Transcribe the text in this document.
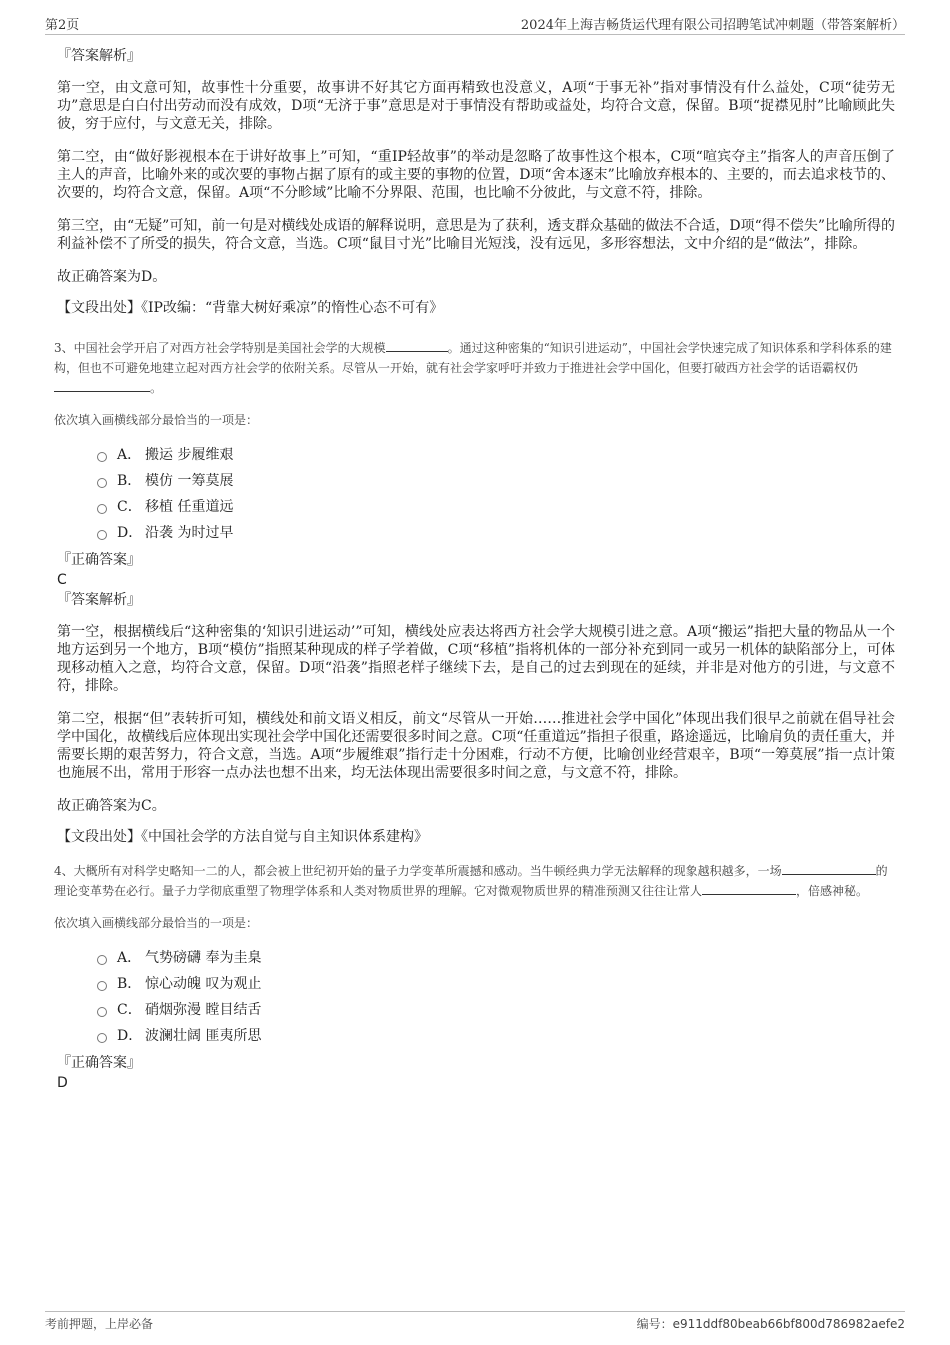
第2页	2024年上海吉畅货运代理有限公司招聘笔试冲刺题（带答案解析）
『答案解析』

第一空，由文意可知，故事性十分重要，故事讲不好其它方面再精致也没意义，A项“于事无补”指对事情没有什么益处，C项“徒劳无功”意思是白白付出劳动而没有成效，D项“无济于事”意思是对于事情没有帮助或益处，均符合文意，保留。B项“捉襟见肘”比喻顾此失彼，穷于应付，与文意无关，排除。

第二空，由“做好影视根本在于讲好故事上”可知，“重IP轻故事”的举动是忽略了故事性这个根本，C项“喧宾夺主”指客人的声音压倒了主人的声音，比喻外来的或次要的事物占据了原有的或主要的事物的位置，D项“舍本逐末”比喻放弃根本的、主要的，而去追求枝节的、次要的，均符合文意，保留。A项“不分畛域”比喻不分界限、范围，也比喻不分彼此，与文意不符，排除。

第三空，由“无疑”可知，前一句是对横线处成语的解释说明，意思是为了获利，透支群众基础的做法不合适，D项“得不偿失”比喻所得的利益补偿不了所受的损失，符合文意，当选。C项“鼠目寸光”比喻目光短浅，没有远见，多形容想法，文中介绍的是“做法”，排除。

故正确答案为D。

【文段出处】《IP改编：“背靠大树好乘凉”的惰性心态不可有》
3、中国社会学开启了对西方社会学特别是美国社会学的大规模	。通过这种密集的“知识引进运动”，中国社会学快速完成了知识体系和学科体系的建构，但也不可避免地建立起对西方社会学的依附关系。尽管从一开始，就有社会学家呼吁并致力于推进社会学中国化，但要打破西方社会学的话语霸权仍。
依次填入画横线部分最恰当的一项是：
A． 搬运 步履维艰
B． 模仿 一筹莫展
C． 移植 任重道远
D． 沿袭 为时过早
『正确答案』
C
『答案解析』

第一空，根据横线后“这种密集的‘知识引进运动’”可知，横线处应表达将西方社会学大规模引进之意。A项“搬运”指把大量的物品从一个地方运到另一个地方，B项“模仿”指照某种现成的样子学着做，C项“移植”指将机体的一部分补充到同一或另一机体的缺陷部分上，可体现移动植入之意，均符合文意，保留。D项“沿袭”指照老样子继续下去，是自己的过去到现在的延续，并非是对他方的引进，与文意不符，排除。

第二空，根据“但”表转折可知，横线处和前文语义相反，前文“尽管从一开始……推进社会学中国化”体现出我们很早之前就在倡导社会学中国化，故横线后应体现出实现社会学中国化还需要很多时间之意。C项“任重道远”指担子很重，路途遥远，比喻肩负的责任重大，并需要长期的艰苦努力，符合文意，当选。A项“步履维艰”指行走十分困难，行动不方便，比喻创业经营艰辛，B项“一筹莫展”指一点计策也施展不出，常用于形容一点办法也想不出来，均无法体现出需要很多时间之意，与文意不符，排除。

故正确答案为C。

【文段出处】《中国社会学的方法自觉与自主知识体系建构》
4、大概所有对科学史略知一二的人，都会被上世纪初开始的量子力学变革所震撼和感动。当牛顿经典力学无法解释的现象越积越多，一场	的理论变革势在必行。量子力学彻底重塑了物理学体系和人类对物质世界的理解。它对微观物质世界的精准预测又往往让常人	，倍感神秘。
依次填入画横线部分最恰当的一项是：
A． 气势磅礴 奉为圭臬
B． 惊心动魄 叹为观止
C． 硝烟弥漫 瞠目结舌
D． 波澜壮阔 匪夷所思
『正确答案』
D
考前押题，上岸必备	编号：e911ddf80beab66bf800d786982aefe2
